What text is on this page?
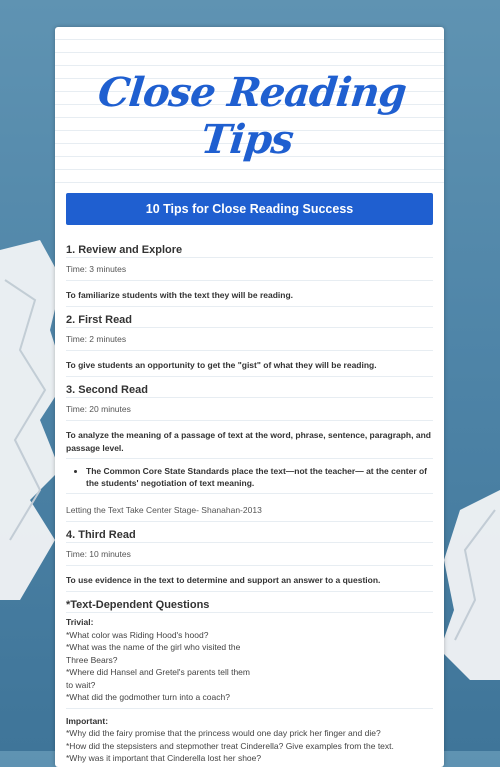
Close Reading Tips
10 Tips for Close Reading Success

1. Review and Explore

Time: 3 minutes

To familiarize students with the text they will be reading.

2. First Read

Time: 2 minutes

To give students an opportunity to get the "gist" of what they will be reading.

3. Second Read

Time: 20 minutes

To analyze the meaning of a passage of text at the word, phrase, sentence, paragraph, and passage level.

• The Common Core State Standards place the text—not the teacher— at the center of the students' negotiation of text meaning.

Letting the Text Take Center Stage- Shanahan-2013

4. Third Read

Time: 10 minutes

To use evidence in the text to determine and support an answer to a question.

*Text-Dependent Questions

Trivial:

*What color was Riding Hood's hood?
*What was the name of the girl who visited the
Three Bears?
*Where did Hansel and Gretel's parents tell them
to wait?
*What did the godmother turn into a coach?

Important:

*Why did the fairy promise that the princess would one day prick her finger and die?
*How did the stepsisters and stepmother treat Cinderella? Give examples from the text.
*Why was it important that Cinderella lost her shoe?
